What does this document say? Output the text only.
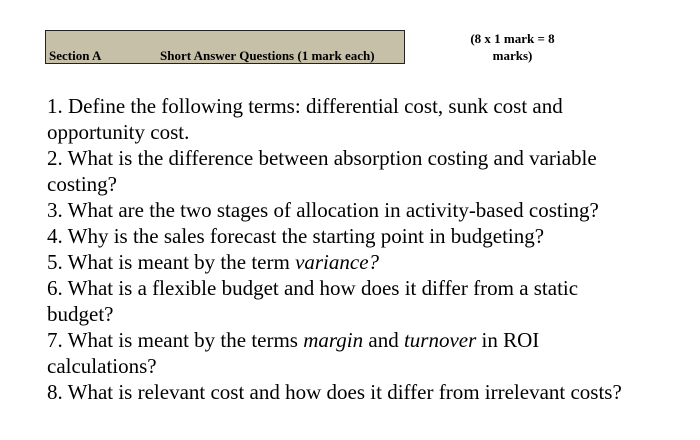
Section A	Short Answer Questions (1 mark each)
(8 x 1 mark = 8
marks)

1. Define the following terms: differential cost, sunk cost and opportunity cost.

2. What is the difference between absorption costing and variable costing?

3. What are the two stages of allocation in activity-based costing?

4. Why is the sales forecast the starting point in budgeting?

5. What is meant by the term variance?

6. What is a flexible budget and how does it differ from a static budget?

7. What is meant by the terms margin and turnover in ROI calculations?

8. What is relevant cost and how does it differ from irrelevant costs?
